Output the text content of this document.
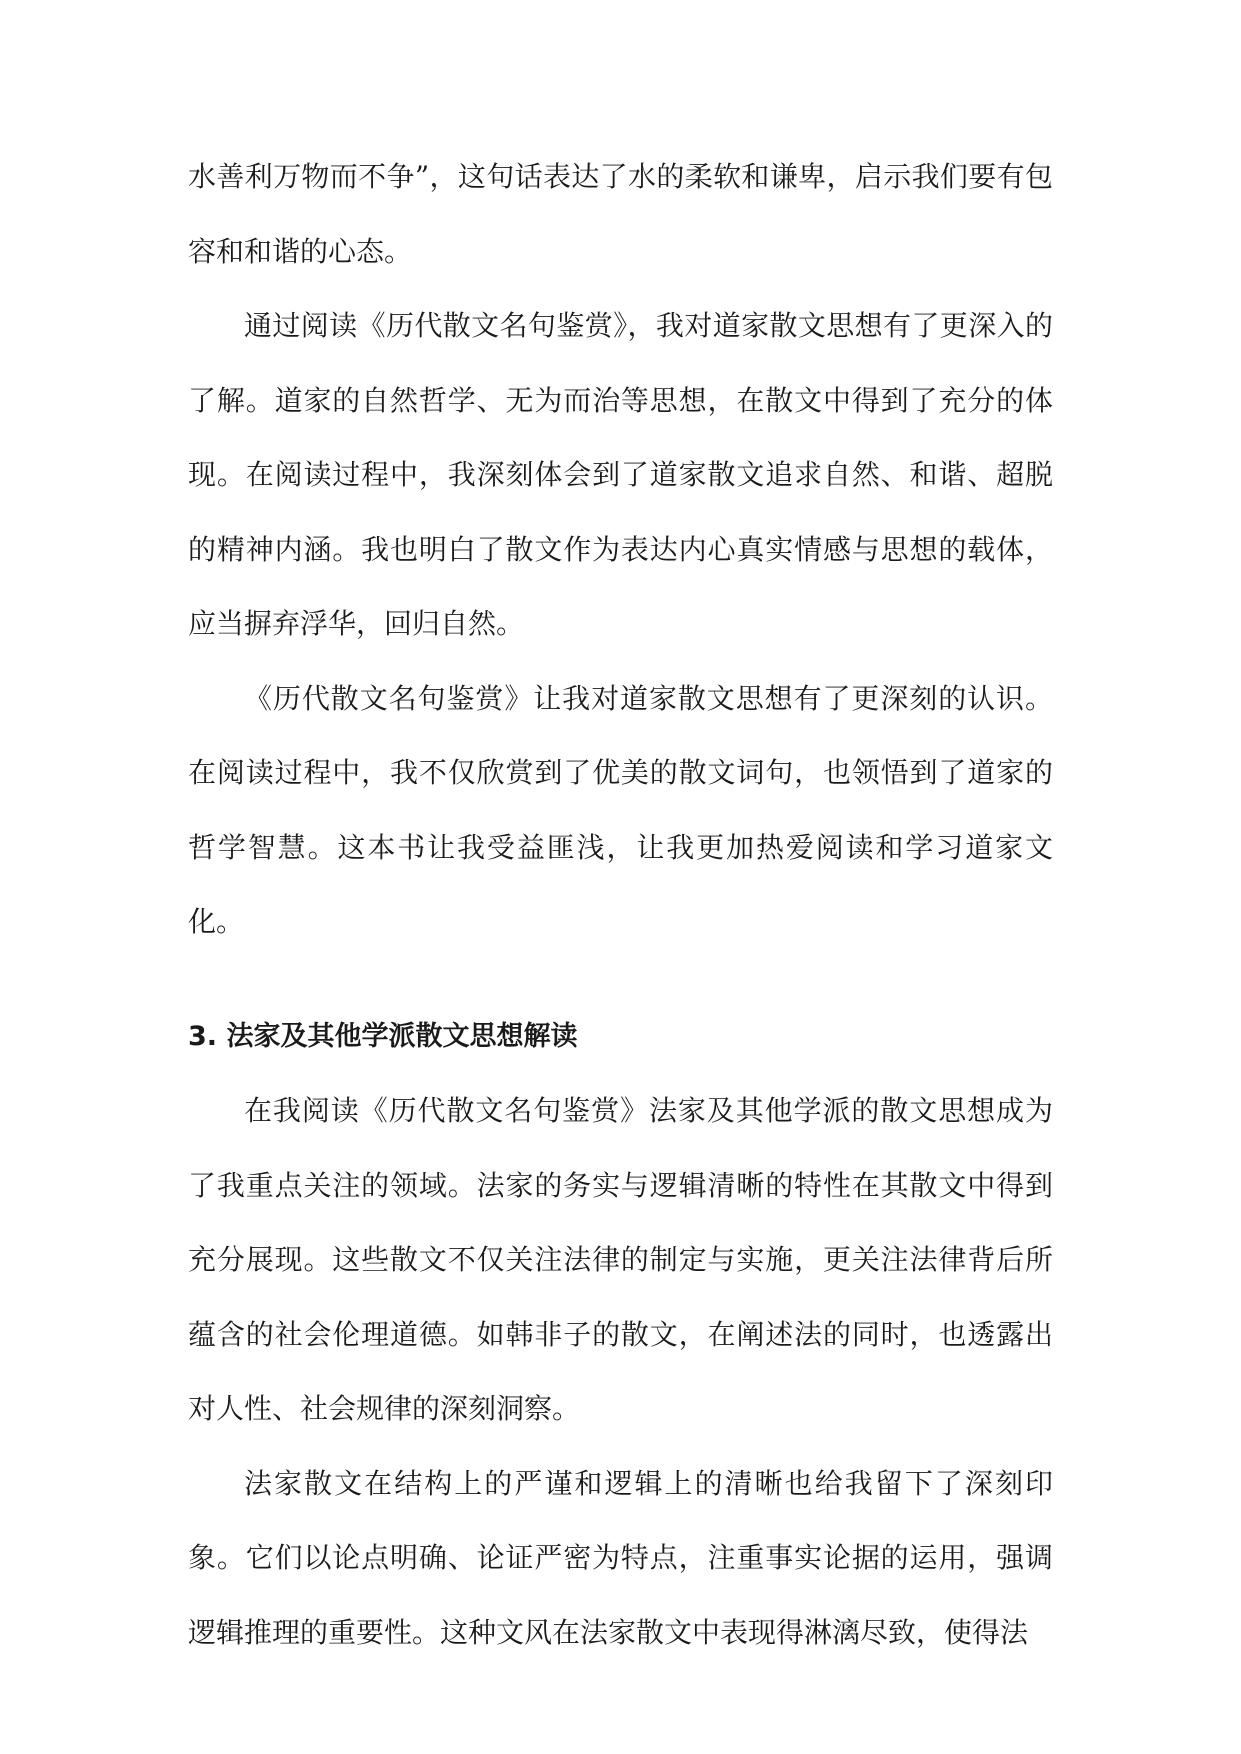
水善利万物而不争”，这句话表达了水的柔软和谦卑，启示我们要有包容和和谐的心态。

通过阅读《历代散文名句鉴赏》，我对道家散文思想有了更深入的了解。道家的自然哲学、无为而治等思想，在散文中得到了充分的体现。在阅读过程中，我深刻体会到了道家散文追求自然、和谐、超脱的精神内涵。我也明白了散文作为表达内心真实情感与思想的载体，应当摒弃浮华，回归自然。

《历代散文名句鉴赏》让我对道家散文思想有了更深刻的认识。在阅读过程中，我不仅欣赏到了优美的散文词句，也领悟到了道家的哲学智慧。这本书让我受益匪浅，让我更加热爱阅读和学习道家文化。

3. 法家及其他学派散文思想解读

在我阅读《历代散文名句鉴赏》法家及其他学派的散文思想成为了我重点关注的领域。法家的务实与逻辑清晰的特性在其散文中得到充分展现。这些散文不仅关注法律的制定与实施，更关注法律背后所蕴含的社会伦理道德。如韩非子的散文，在阐述法的同时，也透露出对人性、社会规律的深刻洞察。

法家散文在结构上的严谨和逻辑上的清晰也给我留下了深刻印象。它们以论点明确、论证严密为特点，注重事实论据的运用，强调逻辑推理的重要性。这种文风在法家散文中表现得淋漓尽致，使得法
